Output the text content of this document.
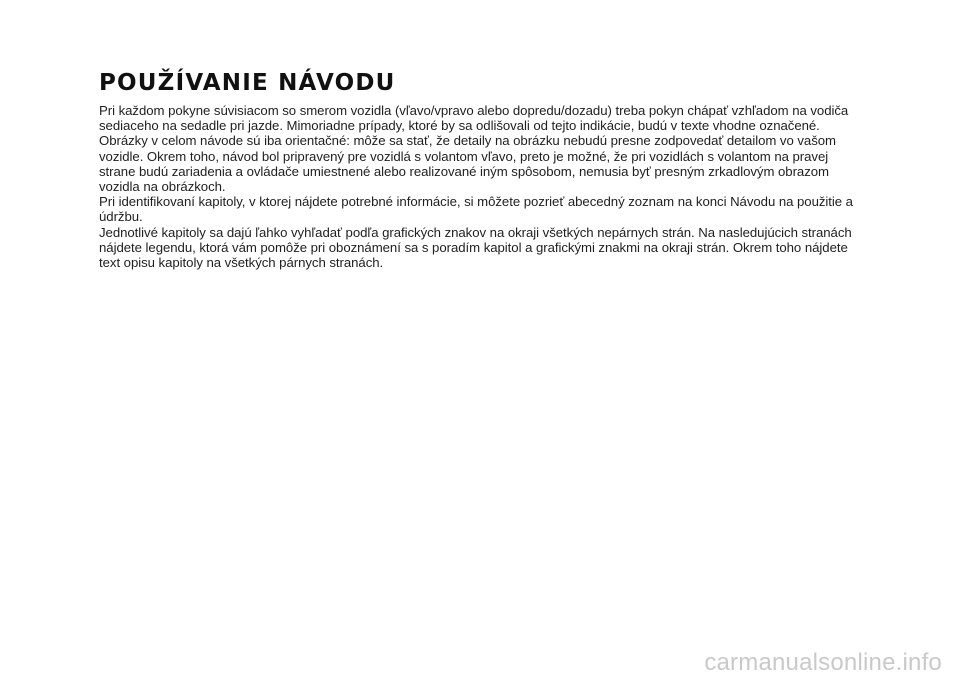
POUŽÍVANIE NÁVODU

Pri každom pokyne súvisiacom so smerom vozidla (vľavo/vpravo alebo dopredu/dozadu) treba pokyn chápať vzhľadom na vodiča sediaceho na sedadle pri jazde. Mimoriadne prípady, ktoré by sa odlišovali od tejto indikácie, budú v texte vhodne označené.

Obrázky v celom návode sú iba orientačné: môže sa stať, že detaily na obrázku nebudú presne zodpovedať detailom vo vašom vozidle. Okrem toho, návod bol pripravený pre vozidlá s volantom vľavo, preto je možné, že pri vozidlách s volantom na pravej strane budú zariadenia a ovládače umiestnené alebo realizované iným spôsobom, nemusia byť presným zrkadlovým obrazom vozidla na obrázkoch.

Pri identifikovaní kapitoly, v ktorej nájdete potrebné informácie, si môžete pozrieť abecedný zoznam na konci Návodu na použitie a údržbu.

Jednotlivé kapitoly sa dajú ľahko vyhľadať podľa grafických znakov na okraji všetkých nepárnych strán. Na nasledujúcich stranách nájdete legendu, ktorá vám pomôže pri oboznámení sa s poradím kapitol a grafickými znakmi na okraji strán. Okrem toho nájdete text opisu kapitoly na všetkých párnych stranách.

carmanualsonline.info
